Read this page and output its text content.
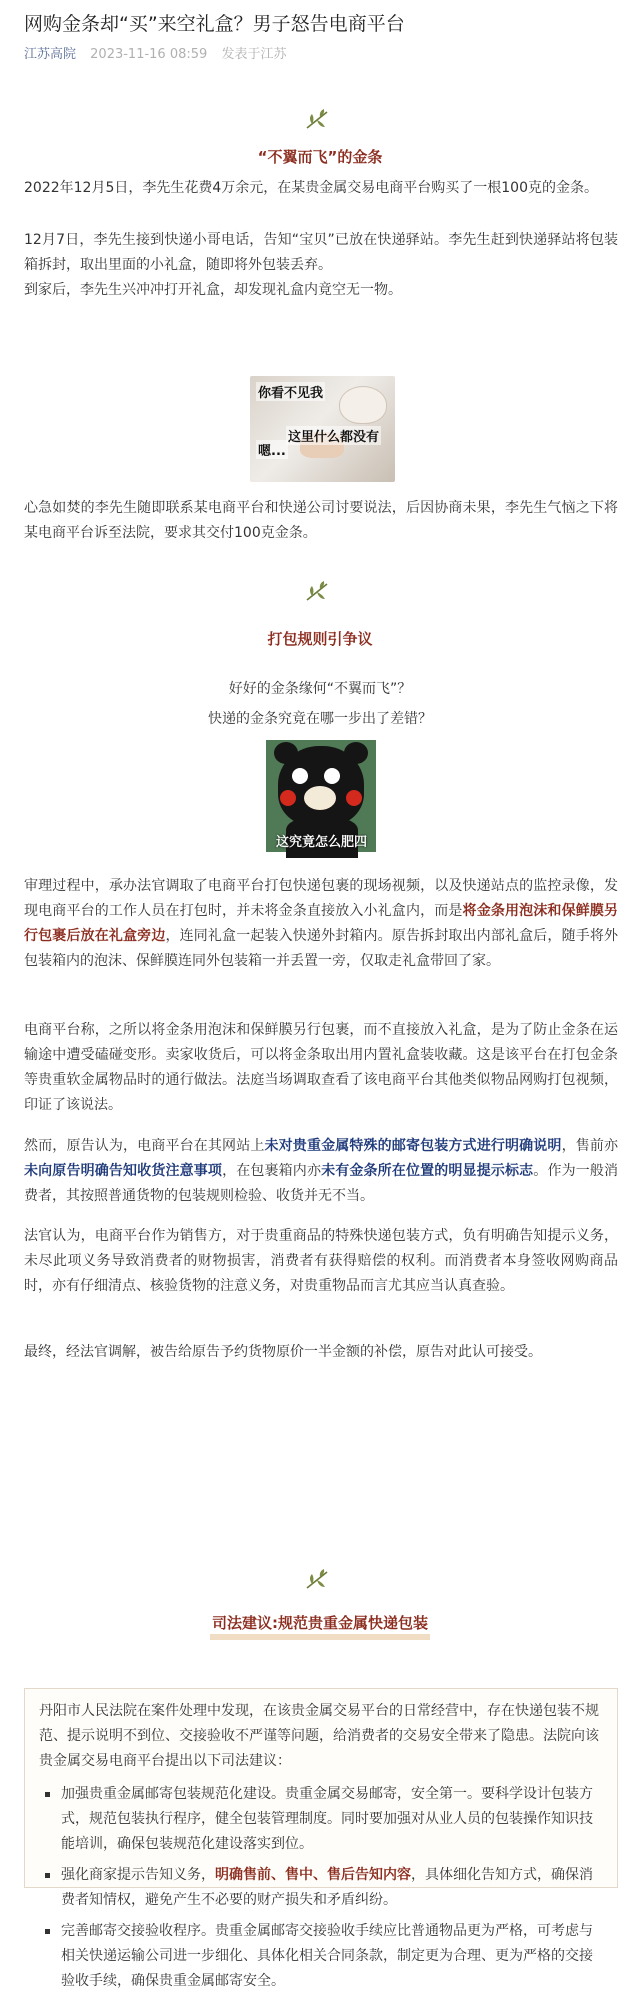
网购金条却“买”来空礼盒？男子怒告电商平台
江苏高院 2023-11-16 08:59 发表于江苏
“不翼而飞”的金条

2022年12月5日，李先生花费4万余元，在某贵金属交易电商平台购买了一根100克的金条。

12月7日，李先生接到快递小哥电话，告知“宝贝”已放在快递驿站。李先生赶到快递驿站将包装箱拆封，取出里面的小礼盒，随即将外包装丢弃。

到家后，李先生兴冲冲打开礼盒，却发现礼盒内竟空无一物。

你看不见我
嗯...
这里什么都没有

心急如焚的李先生随即联系某电商平台和快递公司讨要说法，后因协商未果，李先生气恼之下将某电商平台诉至法院，要求其交付100克金条。

打包规则引争议
好好的金条缘何“不翼而飞”？
快递的金条究竟在哪一步出了差错？
这究竟怎么肥四

审理过程中，承办法官调取了电商平台打包快递包裹的现场视频，以及快递站点的监控录像，发现电商平台的工作人员在打包时，并未将金条直接放入小礼盒内，而是将金条用泡沫和保鲜膜另行包裹后放在礼盒旁边，连同礼盒一起装入快递外封箱内。原告拆封取出内部礼盒后，随手将外包装箱内的泡沫、保鲜膜连同外包装箱一并丢置一旁，仅取走礼盒带回了家。

电商平台称，之所以将金条用泡沫和保鲜膜另行包裹，而不直接放入礼盒，是为了防止金条在运输途中遭受磕碰变形。卖家收货后，可以将金条取出用内置礼盒装收藏。这是该平台在打包金条等贵重软金属物品时的通行做法。法庭当场调取查看了该电商平台其他类似物品网购打包视频，印证了该说法。

然而，原告认为，电商平台在其网站上未对贵重金属特殊的邮寄包装方式进行明确说明，售前亦未向原告明确告知收货注意事项，在包裹箱内亦未有金条所在位置的明显提示标志。作为一般消费者，其按照普通货物的包装规则检验、收货并无不当。

法官认为，电商平台作为销售方，对于贵重商品的特殊快递包装方式，负有明确告知提示义务，未尽此项义务导致消费者的财物损害，消费者有获得赔偿的权利。而消费者本身签收网购商品时，亦有仔细清点、核验货物的注意义务，对贵重物品而言尤其应当认真查验。

最终，经法官调解，被告给原告予约货物原价一半金额的补偿，原告对此认可接受。

司法建议:规范贵重金属快递包装

丹阳市人民法院在案件处理中发现，在该贵金属交易平台的日常经营中，存在快递包装不规范、提示说明不到位、交接验收不严谨等问题，给消费者的交易安全带来了隐患。法院向该贵金属交易电商平台提出以下司法建议：

加强贵重金属邮寄包装规范化建设。贵重金属交易邮寄，安全第一。要科学设计包装方式，规范包装执行程序，健全包装管理制度。同时要加强对从业人员的包装操作知识技能培训，确保包装规范化建设落实到位。
强化商家提示告知义务，明确售前、售中、售后告知内容，具体细化告知方式，确保消费者知情权，避免产生不必要的财产损失和矛盾纠纷。
完善邮寄交接验收程序。贵重金属邮寄交接验收手续应比普通物品更为严格，可考虑与相关快递运输公司进一步细化、具体化相关合同条款，制定更为合理、更为严格的交接验收手续，确保贵重金属邮寄安全。
